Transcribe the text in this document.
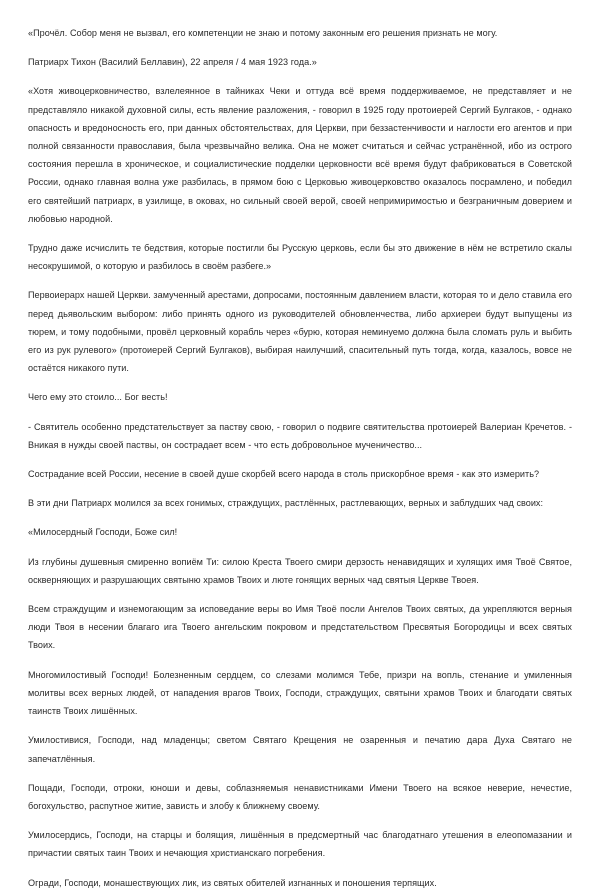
«Прочёл. Собор меня не вызвал, его компетенции не знаю и потому законным его решения признать не могу.

Патриарх Тихон (Василий Беллавин), 22 апреля / 4 мая 1923 года.»

«Хотя живоцерковничество, взлелеянное в тайниках Чеки и оттуда всё время поддерживаемое, не представляет и не представляло никакой духовной силы, есть явление разложения, - говорил в 1925 году протоиерей Сергий Булгаков, - однако опасность и вредоносность его, при данных обстоятельствах, для Церкви, при беззастенчивости и наглости его агентов и при полной связанности православия, была чрезвычайно велика. Она не может считаться и сейчас устранённой, ибо из острого состояния перешла в хроническое, и социалистические подделки церковности всё время будут фабриковаться в Советской России, однако главная волна уже разбилась, в прямом бою с Церковью живоцерковство оказалось посрамлено, и победил его святейший патриарх, в узилище, в оковах, но сильный своей верой, своей непримиримостью и безграничным доверием и любовью народной.

Трудно даже исчислить те бедствия, которые постигли бы Русскую церковь, если бы это движение в нём не встретило скалы несокрушимой, о которую и разбилось в своём разбеге.»

Первоиерарх нашей Церкви. замученный арестами, допросами, постоянным давлением власти, которая то и дело ставила его перед дьявольским выбором: либо принять одного из руководителей обновленчества, либо архиереи будут выпущены из тюрем, и тому подобными, провёл церковный корабль через «бурю, которая неминуемо должна была сломать руль и выбить его из рук рулевого» (протоиерей Сергий Булгаков), выбирая наилучший, спасительный путь тогда, когда, казалось, вовсе не остаётся никакого пути.

Чего ему это стоило... Бог весть!

- Святитель особенно предстательствует за паству свою, - говорил о подвиге святительства протоиерей Валериан Кречетов. - Вникая в нужды своей паствы, он сострадает всем - что есть добровольное мученичество...

Сострадание всей России, несение в своей душе скорбей всего народа в столь прискорбное время - как это измерить?

В эти дни Патриарх молился за всех гонимых, страждущих, растлённых, растлевающих, верных и заблудших чад своих:

«Милосердный Господи, Боже сил!

Из глубины душевныя смиренно вопиём Ти: силою Креста Твоего смири дерзость ненавидящих и хулящих имя Твоё Святое, оскверняющих и разрушающих святыню храмов Твоих и люте гонящих верных чад святыя Церкве Твоея.

Всем страждущим и изнемогающим за исповедание веры во Имя Твоё посли Ангелов Твоих святых, да укрепляются верныя люди Твоя в несении благаго ига Твоего ангельским покровом и предстательством Пресвятыя Богородицы и всех святых Твоих.

Многомилостивый Господи! Болезненным сердцем, со слезами молимся Тебе, призри на вопль, стенание и умиленныя молитвы всех верных людей, от нападения врагов Твоих, Господи, страждущих, святыни храмов Твоих и благодати святых таинств Твоих лишённых.

Умилостивися, Господи, над младенцы; светом Святаго Крещения не озаренныя и печатию дара Духа Святаго не запечатлённыя.

Пощади, Господи, отроки, юноши и девы, соблазняемыя ненавистниками Имени Твоего на всякое неверие, нечестие, богохульство, распутное житие, зависть и злобу к ближнему своему.

Умилосердись, Господи, на старцы и болящия, лишённыя в предсмертный час благодатнаго утешения в елеопомазании и причастии святых таин Твоих и нечающия христианскаго погребения.

Огради, Господи, монашествующих лик, из святых обителей изгнанных и поношения терпящих.
